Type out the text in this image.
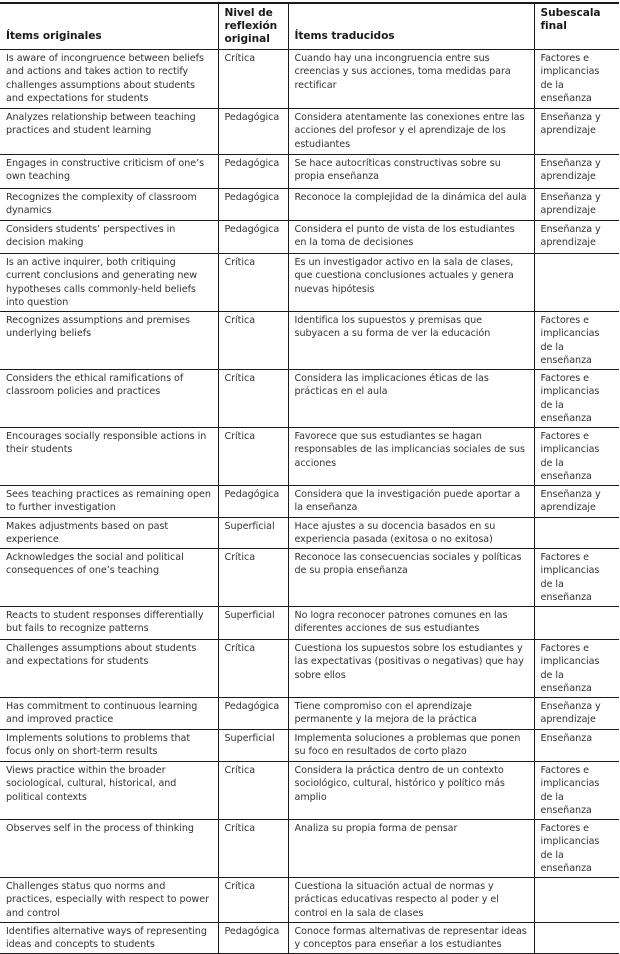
Ítems originales	Nivel de reflexión original	Ítems traducidos	Subescala final
Is aware of incongruence between beliefs and actions and takes action to rectify challenges assumptions about students and expectations for students	Crítica	Cuando hay una incongruencia entre sus creencias y sus acciones, toma medidas para rectificar	Factores e implicancias de la enseñanza
Analyzes relationship between teaching practices and student learning	Pedagógica	Considera atentamente las conexiones entre las acciones del profesor y el aprendizaje de los estudiantes	Enseñanza y aprendizaje
Engages in constructive criticism of one’s own teaching	Pedagógica	Se hace autocríticas constructivas sobre su propia enseñanza	Enseñanza y aprendizaje
Recognizes the complexity of classroom dynamics	Pedagógica	Reconoce la complejidad de la dinámica del aula	Enseñanza y aprendizaje
Considers students’ perspectives in decision making	Pedagógica	Considera el punto de vista de los estudiantes en la toma de decisiones	Enseñanza y aprendizaje
Is an active inquirer, both critiquing current conclusions and generating new hypotheses calls commonly-held beliefs into question	Crítica	Es un investigador activo en la sala de clases, que cuestiona conclusiones actuales y genera nuevas hipótesis	
Recognizes assumptions and premises underlying beliefs	Crítica	Identifica los supuestos y premisas que subyacen a su forma de ver la educación	Factores e implicancias de la enseñanza
Considers the ethical ramifications of classroom policies and practices	Crítica	Considera las implicaciones éticas de las prácticas en el aula	Factores e implicancias de la enseñanza
Encourages socially responsible actions in their students	Crítica	Favorece que sus estudiantes se hagan responsables de las implicancias sociales de sus acciones	Factores e implicancias de la enseñanza
Sees teaching practices as remaining open to further investigation	Pedagógica	Considera que la investigación puede aportar a la enseñanza	Enseñanza y aprendizaje
Makes adjustments based on past experience	Superficial	Hace ajustes a su docencia basados en su experiencia pasada (exitosa o no exitosa)	
Acknowledges the social and political consequences of one’s teaching	Crítica	Reconoce las consecuencias sociales y políticas de su propia enseñanza	Factores e implicancias de la enseñanza
Reacts to student responses differentially but fails to recognize patterns	Superficial	No logra reconocer patrones comunes en las diferentes acciones de sus estudiantes	
Challenges assumptions about students and expectations for students	Crítica	Cuestiona los supuestos sobre los estudiantes y las expectativas (positivas o negativas) que hay sobre ellos	Factores e implicancias de la enseñanza
Has commitment to continuous learning and improved practice	Pedagógica	Tiene compromiso con el aprendizaje permanente y la mejora de la práctica	Enseñanza y aprendizaje
Implements solutions to problems that focus only on short-term results	Superficial	Implementa soluciones a problemas que ponen su foco en resultados de corto plazo	Enseñanza
Views practice within the broader sociological, cultural, historical, and political contexts	Crítica	Considera la práctica dentro de un contexto sociológico, cultural, histórico y político más amplio	Factores e implicancias de la enseñanza
Observes self in the process of thinking	Crítica	Analiza su propia forma de pensar	Factores e implicancias de la enseñanza
Challenges status quo norms and practices, especially with respect to power and control	Crítica	Cuestiona la situación actual de normas y prácticas educativas respecto al poder y el control en la sala de clases	
Identifies alternative ways of representing ideas and concepts to students	Pedagógica	Conoce formas alternativas de representar ideas y conceptos para enseñar a los estudiantes	
